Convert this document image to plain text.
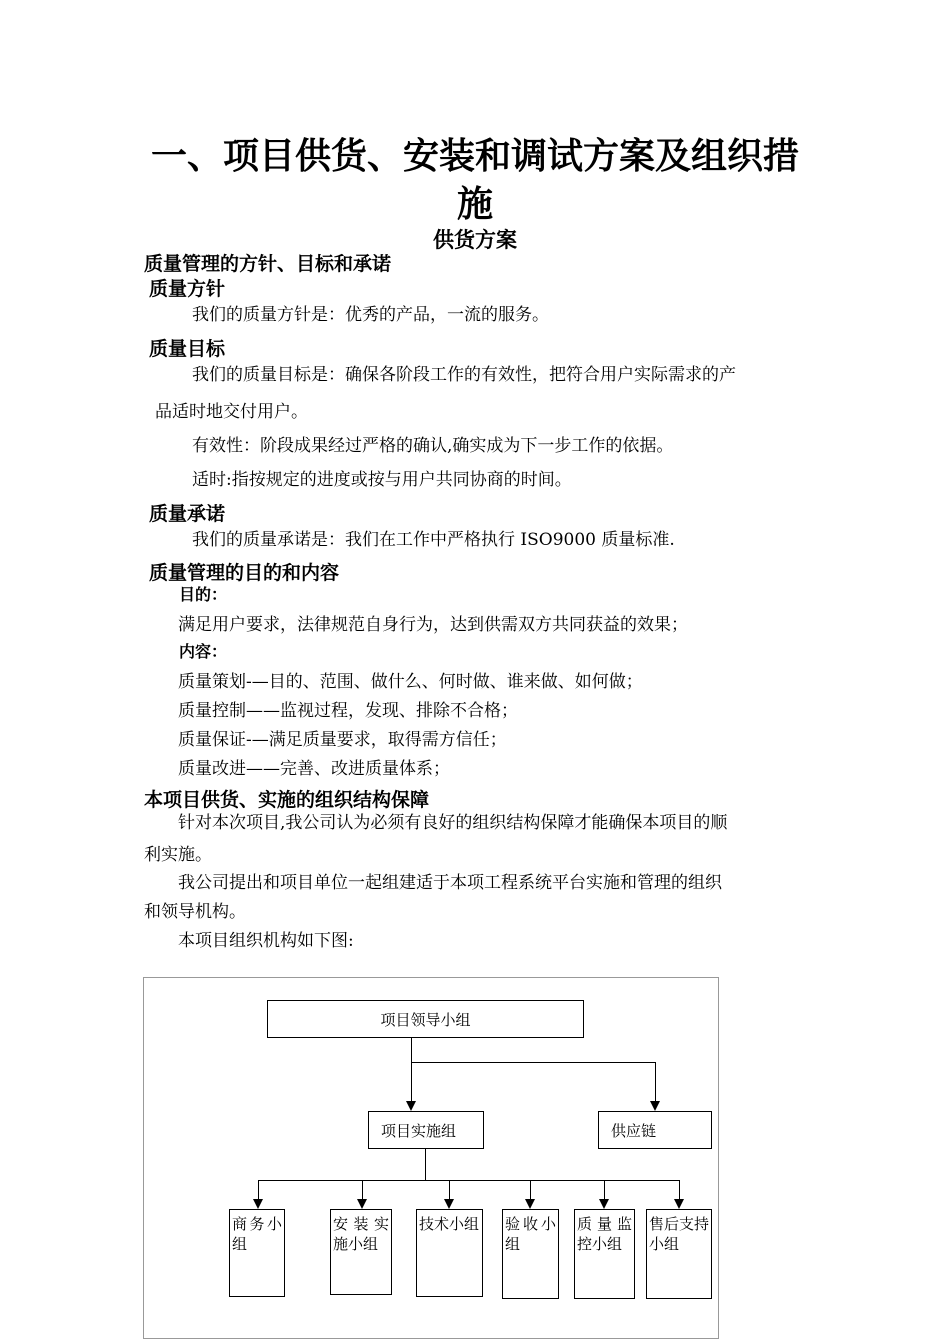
一、项目供货、安装和调试方案及组织措
施
供货方案
质量管理的方针、目标和承诺
质量方针
我们的质量方针是：优秀的产品，一流的服务。
质量目标
我们的质量目标是：确保各阶段工作的有效性，把符合用户实际需求的产
品适时地交付用户。
有效性：阶段成果经过严格的确认,确实成为下一步工作的依据。
适时:指按规定的进度或按与用户共同协商的时间。
质量承诺
我们的质量承诺是：我们在工作中严格执行 ISO9000 质量标准.
质量管理的目的和内容
目的：
满足用户要求，法律规范自身行为，达到供需双方共同获益的效果；
内容：
质量策划-—目的、范围、做什么、何时做、谁来做、如何做；
质量控制——监视过程，发现、排除不合格；
质量保证-—满足质量要求，取得需方信任；
质量改进——完善、改进质量体系；
本项目供货、实施的组织结构保障
针对本次项目,我公司认为必须有良好的组织结构保障才能确保本项目的顺
利实施。
我公司提出和项目单位一起组建适于本项工程系统平台实施和管理的组织
和领导机构。
本项目组织机构如下图:
项目领导小组
项目实施组	供应链
商务小组
安装实施小组
技术小组 验收小组
质量监控小组
售后支持小组
